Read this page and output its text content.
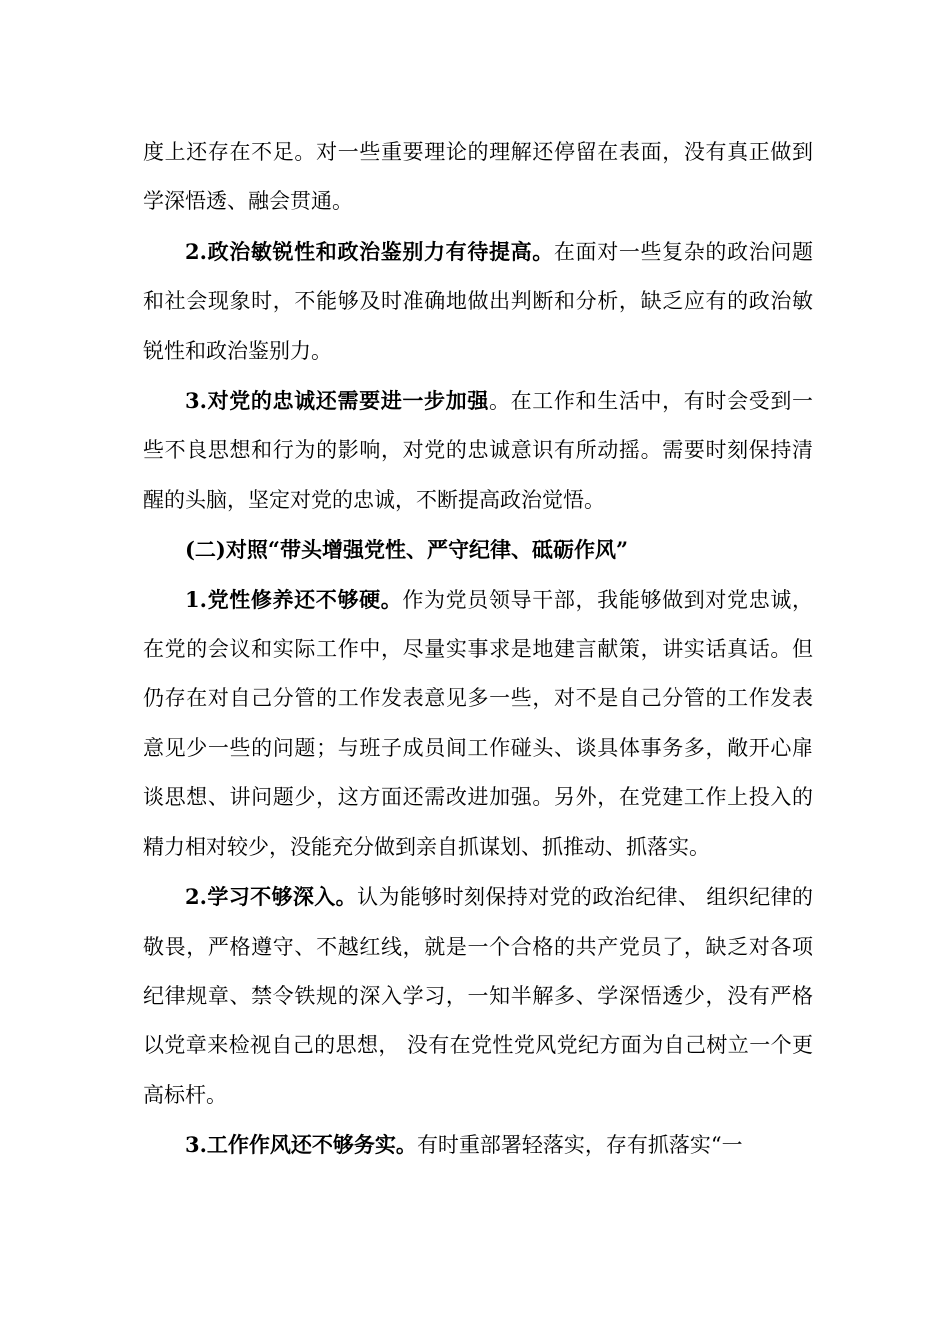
度上还存在不足。对一些重要理论的理解还停留在表面，没有真正做到学深悟透、融会贯通。

2.政治敏锐性和政治鉴别力有待提高。在面对一些复杂的政治问题和社会现象时，不能够及时准确地做出判断和分析，缺乏应有的政治敏锐性和政治鉴别力。

3.对党的忠诚还需要进一步加强。在工作和生活中，有时会受到一些不良思想和行为的影响，对党的忠诚意识有所动摇。需要时刻保持清醒的头脑，坚定对党的忠诚，不断提高政治觉悟。

(二)对照“带头增强党性、严守纪律、砥砺作风”

1.党性修养还不够硬。作为党员领导干部，我能够做到对党忠诚，在党的会议和实际工作中，尽量实事求是地建言献策，讲实话真话。但仍存在对自己分管的工作发表意见多一些，对不是自己分管的工作发表意见少一些的问题；与班子成员间工作碰头、谈具体事务多，敞开心扉谈思想、讲问题少，这方面还需改进加强。另外，在党建工作上投入的精力相对较少，没能充分做到亲自抓谋划、抓推动、抓落实。

2.学习不够深入。认为能够时刻保持对党的政治纪律、 组织纪律的敬畏，严格遵守、不越红线，就是一个合格的共产党员了，缺乏对各项纪律规章、禁令铁规的深入学习，一知半解多、学深悟透少，没有严格以党章来检视自己的思想， 没有在党性党风党纪方面为自己树立一个更高标杆。

3.工作作风还不够务实。有时重部署轻落实，存有抓落实“一
